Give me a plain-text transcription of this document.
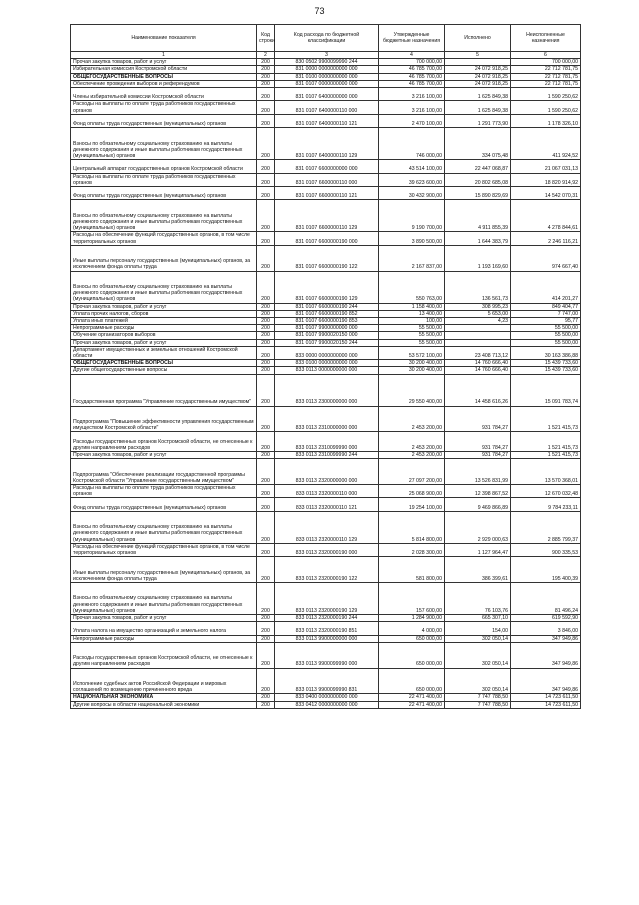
73
Наименование показателя	Код строки	Код расхода по бюджетной классификации	Утвержденные бюджетные назначения	Исполнено	Неисполненные назначения
1	2	3	4	5	6
Прочая закупка товаров, работ и услуг	200	830 0502 9900099990 244	700 000,00		700 000,00
Избирательная комиссия Костромской области	200	831 0000 0000000000 000	46 785 700,00	24 072 918,25	22 712 781,75
ОБЩЕГОСУДАРСТВЕННЫЕ ВОПРОСЫ	200	831 0100 0000000000 000	46 785 700,00	24 072 918,25	22 712 781,75
Обеспечение проведения выборов и референдумов	200	831 0107 0000000000 000	46 785 700,00	24 072 918,25	22 712 781,75
Члены избирательной комиссии Костромской области	200	831 0107 6400000000 000	3 216 100,00	1 625 849,38	1 590 250,62
Расходы на выплаты по оплате труда работников государственных органов	200	831 0107 6400000110 000	3 216 100,00	1 625 849,38	1 590 250,62
Фонд оплаты труда государственных (муниципальных) органов	200	831 0107 6400000110 121	2 470 100,00	1 291 773,90	1 178 326,10
Взносы по обязательному социальному страхованию на выплаты денежного содержания и иные выплаты работникам государственных (муниципальных) органов	200	831 0107 6400000110 129	746 000,00	334 075,48	411 924,52
Центральный аппарат государственных органов Костромской области	200	831 0107 6600000000 000	43 514 100,00	22 447 068,87	21 067 031,13
Расходы на выплаты по оплате труда работников государственных органов	200	831 0107 6600000110 000	39 623 600,00	20 802 685,08	18 820 914,92
Фонд оплаты труда государственных (муниципальных) органов	200	831 0107 6600000110 121	30 432 900,00	15 890 829,69	14 542 070,31
Взносы по обязательному социальному страхованию на выплаты денежного содержания и иные выплаты работникам государственных (муниципальных) органов	200	831 0107 6600000110 129	9 190 700,00	4 911 855,39	4 278 844,61
Расходы на обеспечение функций государственных органов, в том числе территориальных органов	200	831 0107 6600000190 000	3 890 500,00	1 644 383,79	2 246 116,21
Иные выплаты персоналу государственных (муниципальных) органов, за исключением фонда оплаты труда	200	831 0107 6600000190 122	2 167 837,00	1 193 169,60	974 667,40
Взносы по обязательному социальному страхованию на выплаты денежного содержания и иные выплаты работникам государственных (муниципальных) органов	200	831 0107 6600000190 129	550 763,00	136 561,73	414 201,27
Прочая закупка товаров, работ и услуг	200	831 0107 6600000190 244	1 158 400,00	308 995,23	849 404,77
Уплата прочих налогов, сборов	200	831 0107 6600000190 852	13 400,00	5 653,00	7 747,00
Уплата иных платежей	200	831 0107 6600000190 853	100,00	4,23	95,77
Непрограммные расходы	200	831 0107 9900000000 000	55 500,00		55 500,00
Обучение организаторов выборов	200	831 0107 9900020150 000	55 500,00		55 500,00
Прочая закупка товаров, работ и услуг	200	831 0107 9900020150 244	55 500,00		55 500,00
Департамент имущественных и земельных отношений Костромской области	200	833 0000 0000000000 000	53 572 100,00	23 408 713,12	30 163 386,88
ОБЩЕГОСУДАРСТВЕННЫЕ ВОПРОСЫ	200	833 0100 0000000000 000	30 200 400,00	14 760 666,40	15 439 733,60
Другие общегосударственные вопросы	200	833 0113 0000000000 000	30 200 400,00	14 760 666,40	15 439 733,60
Государственная программа "Управление государственным имуществом"	200	833 0113 2300000000 000	29 550 400,00	14 458 616,26	15 091 783,74
Подпрограмма "Повышение эффективности управления государственным имуществом Костромской области"	200	833 0113 2310000000 000	2 453 200,00	931 784,27	1 521 415,73
Расходы государственных органов Костромской области, не отнесенные к другим направлениям расходов	200	833 0113 2310099990 000	2 453 200,00	931 784,27	1 521 415,73
Прочая закупка товаров, работ и услуг	200	833 0113 2310099990 244	2 453 200,00	931 784,27	1 521 415,73
Подпрограмма "Обеспечение реализации государственной программы Костромской области "Управление государственным имуществом"	200	833 0113 2320000000 000	27 097 200,00	13 526 831,99	13 570 368,01
Расходы на выплаты по оплате труда работников государственных органов	200	833 0113 2320000110 000	25 068 900,00	12 398 867,52	12 670 032,48
Фонд оплаты труда государственных (муниципальных) органов	200	833 0113 2320000110 121	19 254 100,00	9 469 866,89	9 784 233,11
Взносы по обязательному социальному страхованию на выплаты денежного содержания и иные выплаты работникам государственных (муниципальных) органов	200	833 0113 2320000110 129	5 814 800,00	2 929 000,63	2 885 799,37
Расходы на обеспечение функций государственных органов, в том числе территориальных органов	200	833 0113 2320000190 000	2 028 300,00	1 127 964,47	900 335,53
Иные выплаты персоналу государственных (муниципальных) органов, за исключением фонда оплаты труда	200	833 0113 2320000190 122	581 800,00	386 399,61	195 400,39
Взносы по обязательному социальному страхованию на выплаты денежного содержания и иные выплаты работникам государственных (муниципальных) органов	200	833 0113 2320000190 129	157 600,00	76 103,76	81 496,24
Прочая закупка товаров, работ и услуг	200	833 0113 2320000190 244	1 284 900,00	665 307,10	619 592,90
Уплата налога на имущество организаций и земельного налога	200	833 0113 2320000190 851	4 000,00	154,00	3 846,00
Непрограммные расходы	200	833 0113 9900000000 000	650 000,00	302 050,14	347 949,86
Расходы государственных органов Костромской области, не отнесенные к другим направлениям расходов	200	833 0113 9900099990 000	650 000,00	302 050,14	347 949,86
Исполнение судебных актов Российской Федерации и мировых соглашений по возмещению причиненного вреда	200	833 0113 9900099990 831	650 000,00	302 050,14	347 949,86
НАЦИОНАЛЬНАЯ ЭКОНОМИКА	200	833 0400 0000000000 000	22 471 400,00	7 747 788,50	14 723 611,50
Другие вопросы в области национальной экономики	200	833 0412 0000000000 000	22 471 400,00	7 747 788,50	14 723 611,50
